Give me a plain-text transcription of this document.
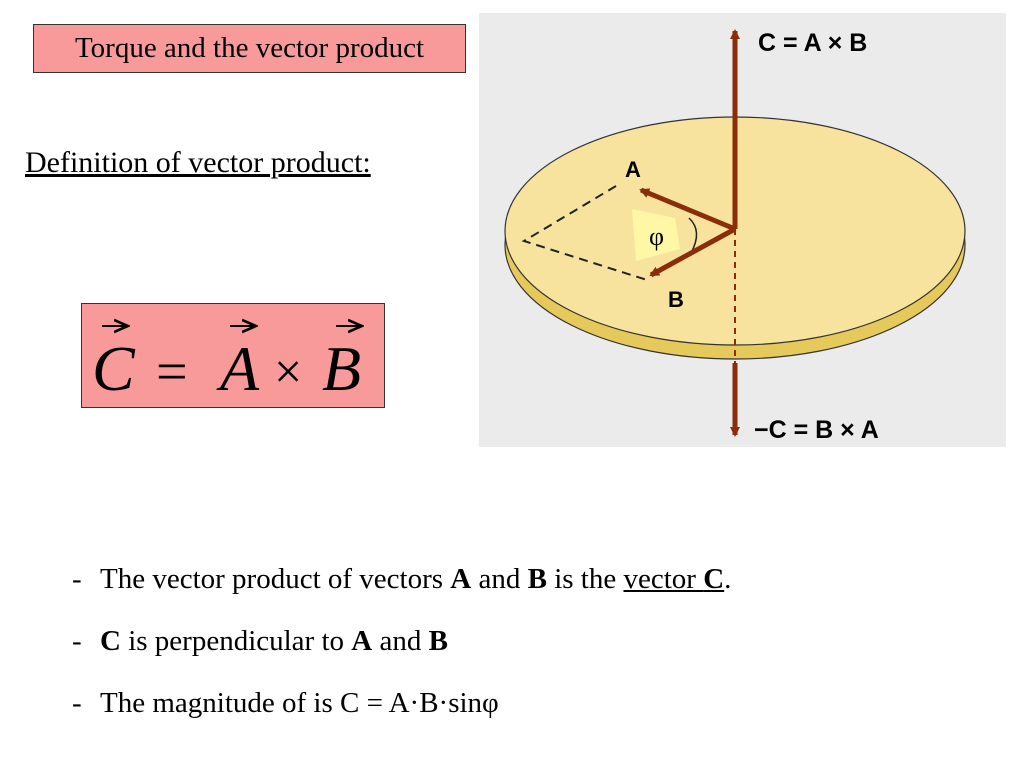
Torque and the vector product
Definition of vector product:
C = A × B
C = A × B
−C = B × A
A
B
φ
- The vector product of vectors A and B is the vector C.
- C is perpendicular to A and B
- The magnitude of is C = A·B·sinφ
